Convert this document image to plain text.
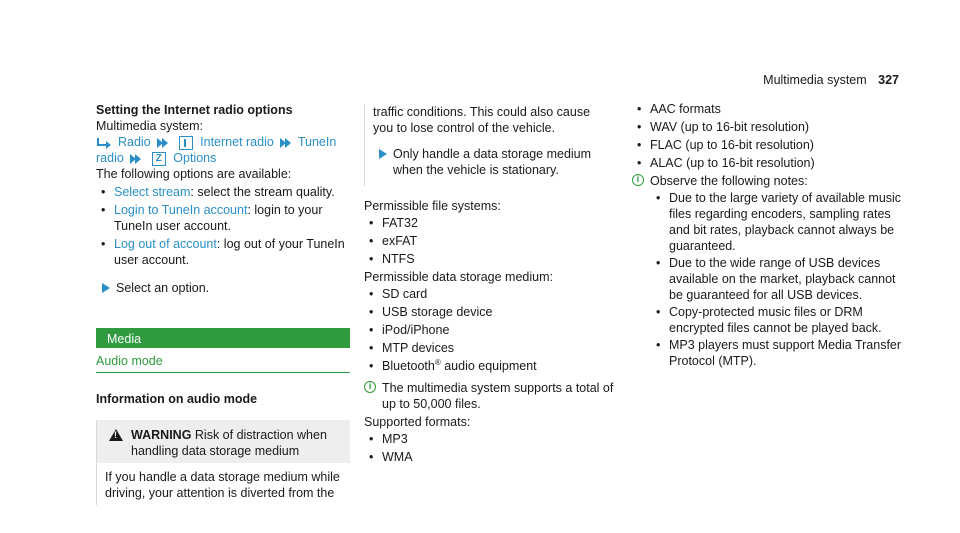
Multimedia system 327
Setting the Internet radio options
Multimedia system:
Radio	Internet radio TuneIn
radio	Z Options
The following options are available:
• Select stream: select the stream quality.
• Login to TuneIn account: login to your TuneIn user account.
• Log out of account: log out of your TuneIn user account.
Select an option.
Media
Audio mode
Information on audio mode
!
WARNING Risk of distraction when handling data storage medium
If you handle a data storage medium while driving, your attention is diverted from the
traffic conditions. This could also cause you to lose control of the vehicle.
Only handle a data storage medium when the vehicle is stationary.
Permissible file systems:
• FAT32
• exFAT
• NTFS
Permissible data storage medium:
• SD card
• USB storage device
• iPod/iPhone
• MTP devices
• Bluetooth® audio equipment
i The multimedia system supports a total of up to 50,000 files.
Supported formats:
• MP3
• WMA
• AAC formats
• WAV (up to 16-bit resolution)
• FLAC (up to 16-bit resolution)
• ALAC (up to 16-bit resolution)
i Observe the following notes:
• Due to the large variety of available music files regarding encoders, sampling rates and bit rates, playback cannot always be guaranteed.
• Due to the wide range of USB devices available on the market, playback cannot be guaranteed for all USB devices.
• Copy-protected music files or DRM encrypted files cannot be played back.
• MP3 players must support Media Transfer Protocol (MTP).
